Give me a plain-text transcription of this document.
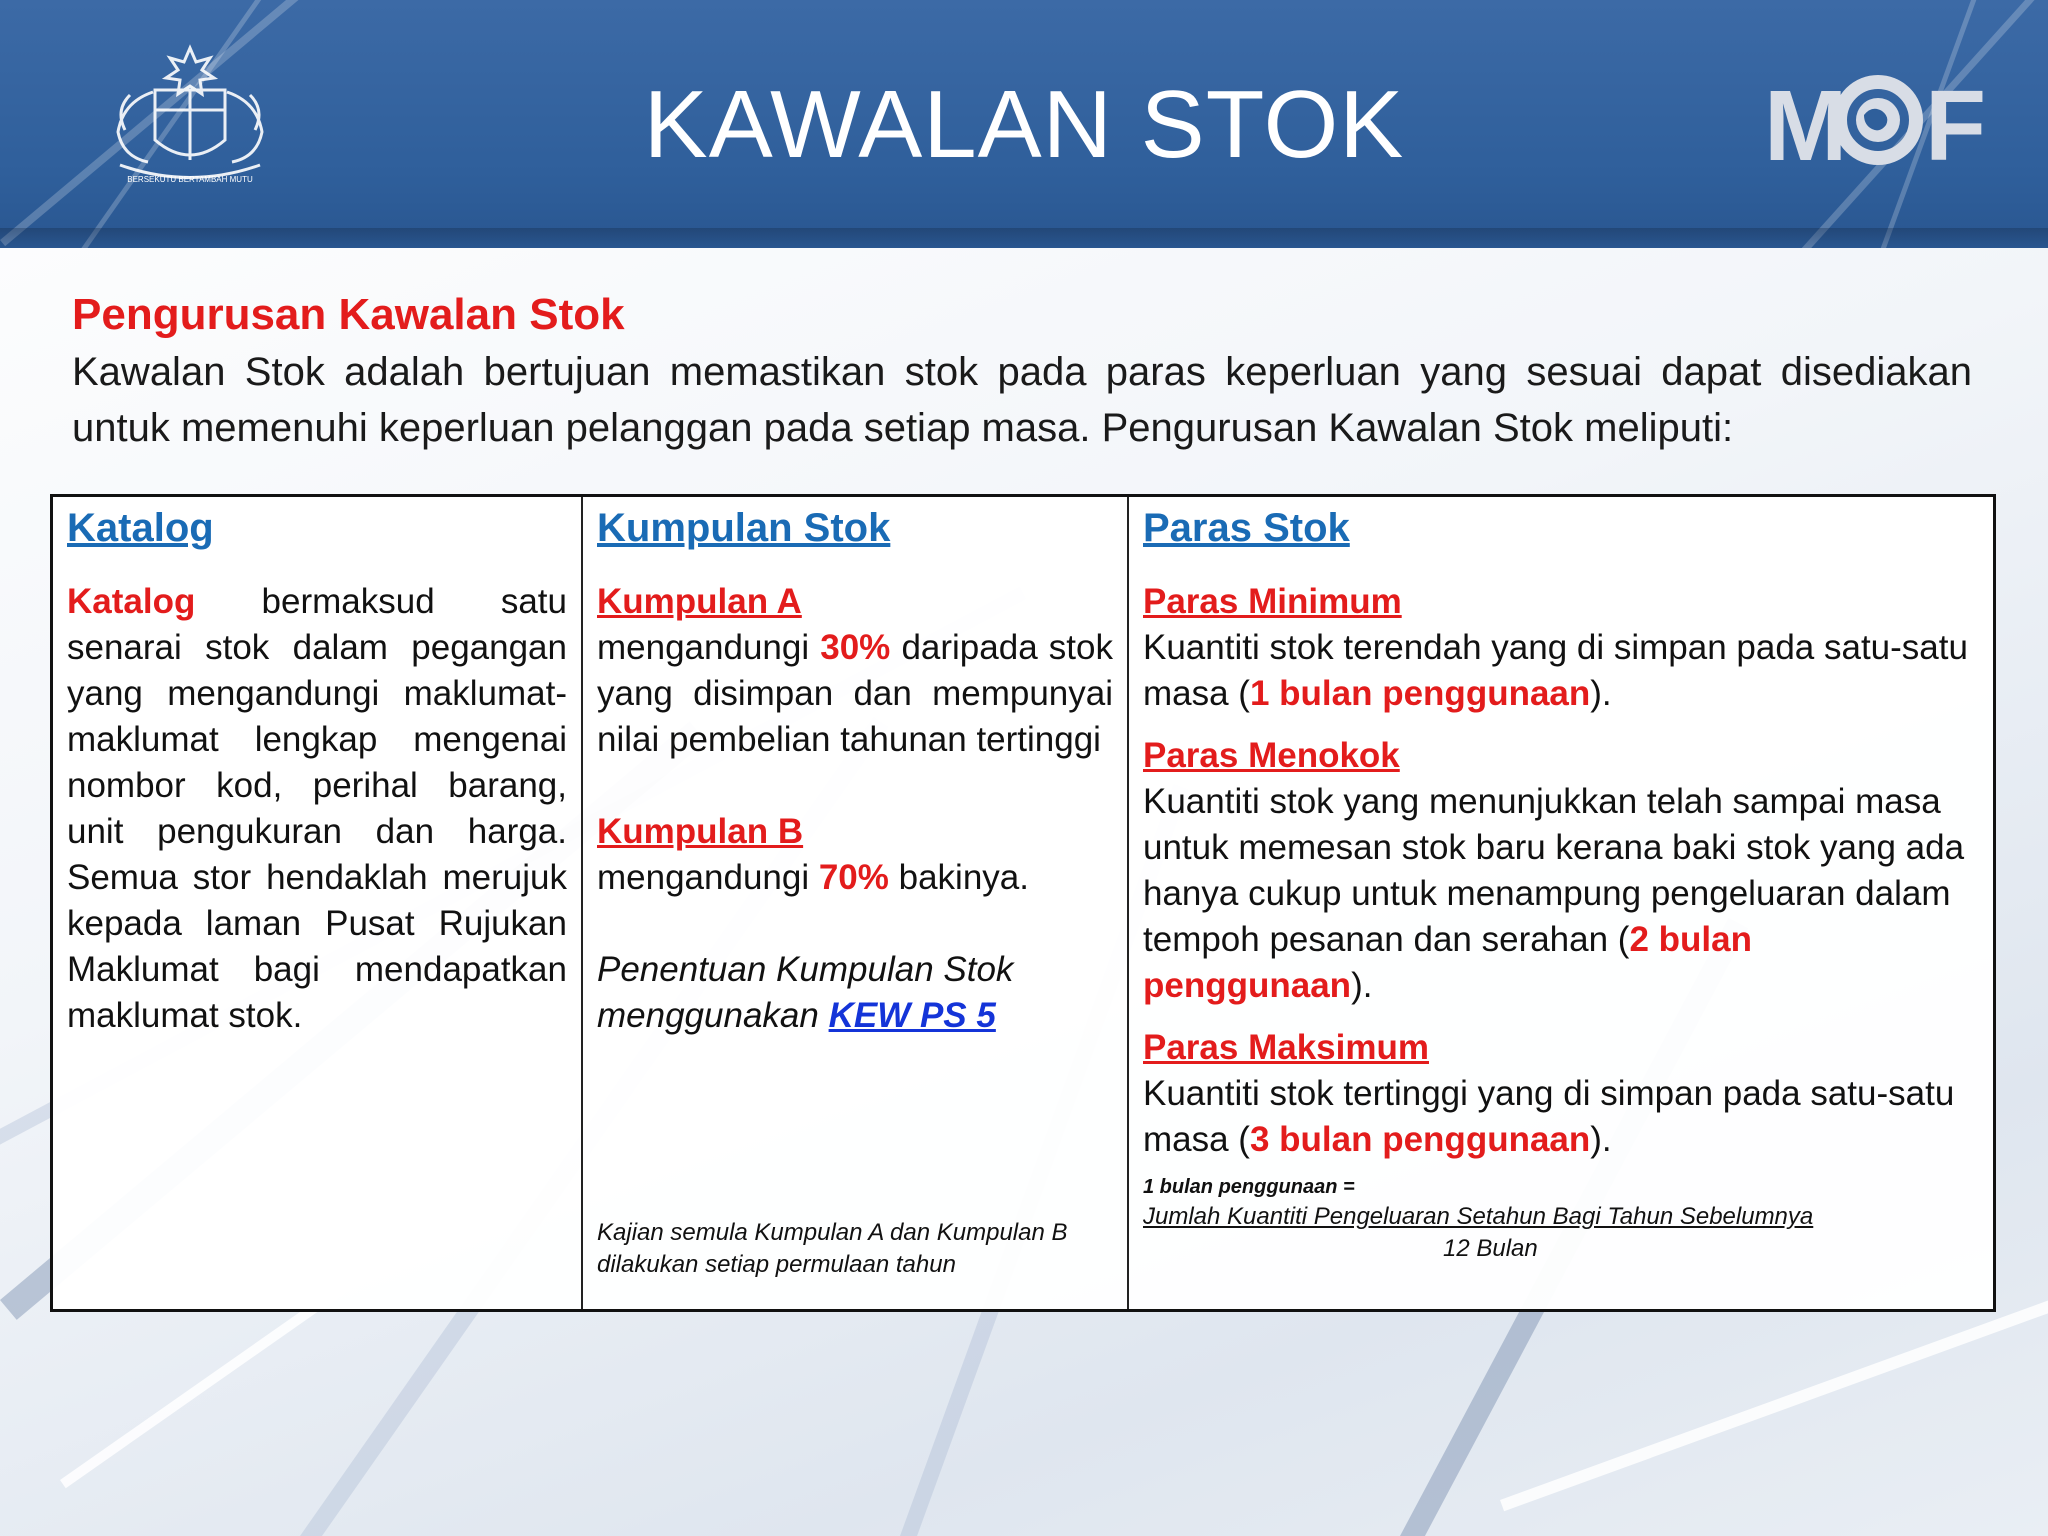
BERSEKUTU BERTAMBAH MUTU
KAWALAN STOK	M F

Pengurusan Kawalan Stok

Kawalan Stok adalah bertujuan memastikan stok pada paras keperluan yang sesuai dapat disediakan untuk memenuhi keperluan pelanggan pada setiap masa. Pengurusan Kawalan Stok meliputi:

Katalog

Katalog bermaksud satu senarai stok dalam pegangan yang mengandungi maklumat-maklumat lengkap mengenai nombor kod, perihal barang, unit pengukuran dan harga. Semua stor hendaklah merujuk kepada laman Pusat Rujukan Maklumat bagi mendapatkan maklumat stok.

Kumpulan Stok

Kumpulan A

mengandungi 30% daripada stok yang disimpan dan mempunyai nilai pembelian tahunan tertinggi

Kumpulan B

mengandungi 70% bakinya.

Penentuan Kumpulan Stok menggunakan KEW PS 5

Kajian semula Kumpulan A dan Kumpulan B dilakukan setiap permulaan tahun
Paras Stok

Paras Minimum

Kuantiti stok terendah yang di simpan pada satu-satu masa (1 bulan penggunaan).

Paras Menokok

Kuantiti stok yang menunjukkan telah sampai masa untuk memesan stok baru kerana baki stok yang ada hanya cukup untuk menampung pengeluaran dalam tempoh pesanan dan serahan (2 bulan penggunaan).

Paras Maksimum

Kuantiti stok tertinggi yang di simpan pada satu-satu masa (3 bulan penggunaan).

1 bulan penggunaan =
Jumlah Kuantiti Pengeluaran Setahun Bagi Tahun Sebelumnya
12 Bulan
